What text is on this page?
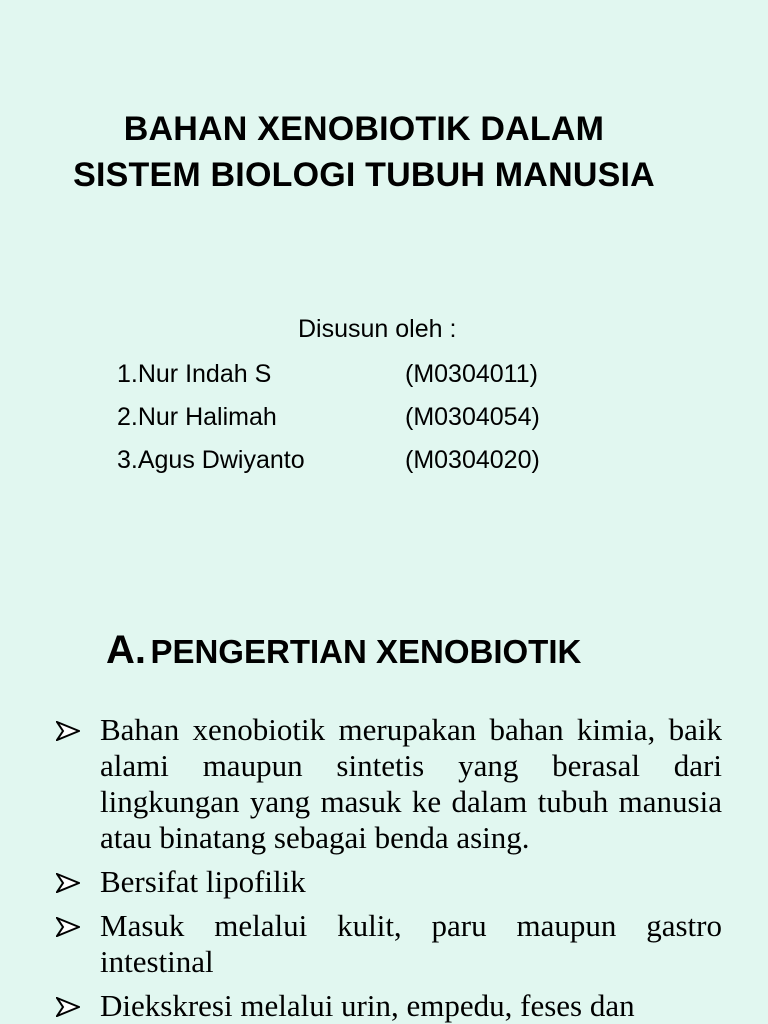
BAHAN XENOBIOTIK DALAM
SISTEM BIOLOGI TUBUH MANUSIA
Disusun oleh :
1.Nur Indah S	(M0304011)
2.Nur Halimah	(M0304054)
3.Agus Dwiyanto	(M0304020)
A. PENGERTIAN XENOBIOTIK
Bahan xenobiotik merupakan bahan kimia, baik alami maupun sintetis yang berasal dari lingkungan yang masuk ke dalam tubuh manusia atau binatang sebagai benda asing.
Bersifat lipofilik
Masuk melalui kulit, paru maupun gastro intestinal
Diekskresi melalui urin, empedu, feses dan
